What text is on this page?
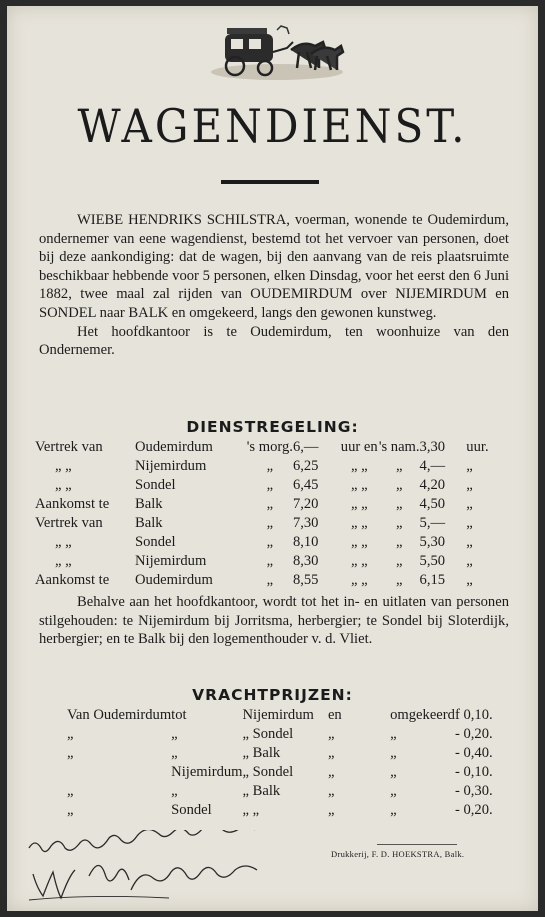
WAGENDIENST.

WIEBE HENDRIKS SCHILSTRA, voerman, wonende te Oudemirdum, ondernemer van eene wagendienst, bestemd tot het vervoer van personen, doet bij deze aankondiging: dat de wagen, bij den aanvang van de reis plaatsruimte beschikbaar hebbende voor 5 personen, elken Dinsdag, voor het eerst den 6 Juni 1882, twee maal zal rijden van OUDEMIRDUM over NIJEMIRDUM en SONDEL naar BALK en omgekeerd, langs den gewonen kunstweg.

Het hoofdkantoor is te Oudemirdum, ten woonhuize van den Ondernemer.

DIENSTREGELING:
Vertrek van	Oudemirdum	's morg.	6,—	uur en	's nam.	3,30	uur.
„ „	Nijemirdum	„	6,25	„ „	„	4,—	„
„ „	Sondel	„	6,45	„ „	„	4,20	„
Aankomst te	Balk	„	7,20	„ „	„	4,50	„
Vertrek van	Balk	„	7,30	„ „	„	5,—	„
„ „	Sondel	„	8,10	„ „	„	5,30	„
„ „	Nijemirdum	„	8,30	„ „	„	5,50	„
Aankomst te	Oudemirdum	„	8,55	„ „	„	6,15	„

Behalve aan het hoofdkantoor, wordt tot het in- en uitlaten van personen stilgehouden: te Nijemirdum bij Jorritsma, herbergier; te Sondel bij Sloterdijk, herbergier; en te Balk bij den logementhouder v. d. Vliet.

VRACHTPRIJZEN:
Van Oudemirdum	tot	Nijemirdum	en	omgekeerd	f 0,10.
„	„	„ Sondel	„	„	- 0,20.
„	„	„ Balk	„	„	- 0,40.
	Nijemirdum	„ Sondel	„	„	- 0,10.
„	„	„ Balk	„	„	- 0,30.
„	Sondel	„ „	„	„	- 0,20.
Drukkerij, F. D. HOEKSTRA, Balk.
